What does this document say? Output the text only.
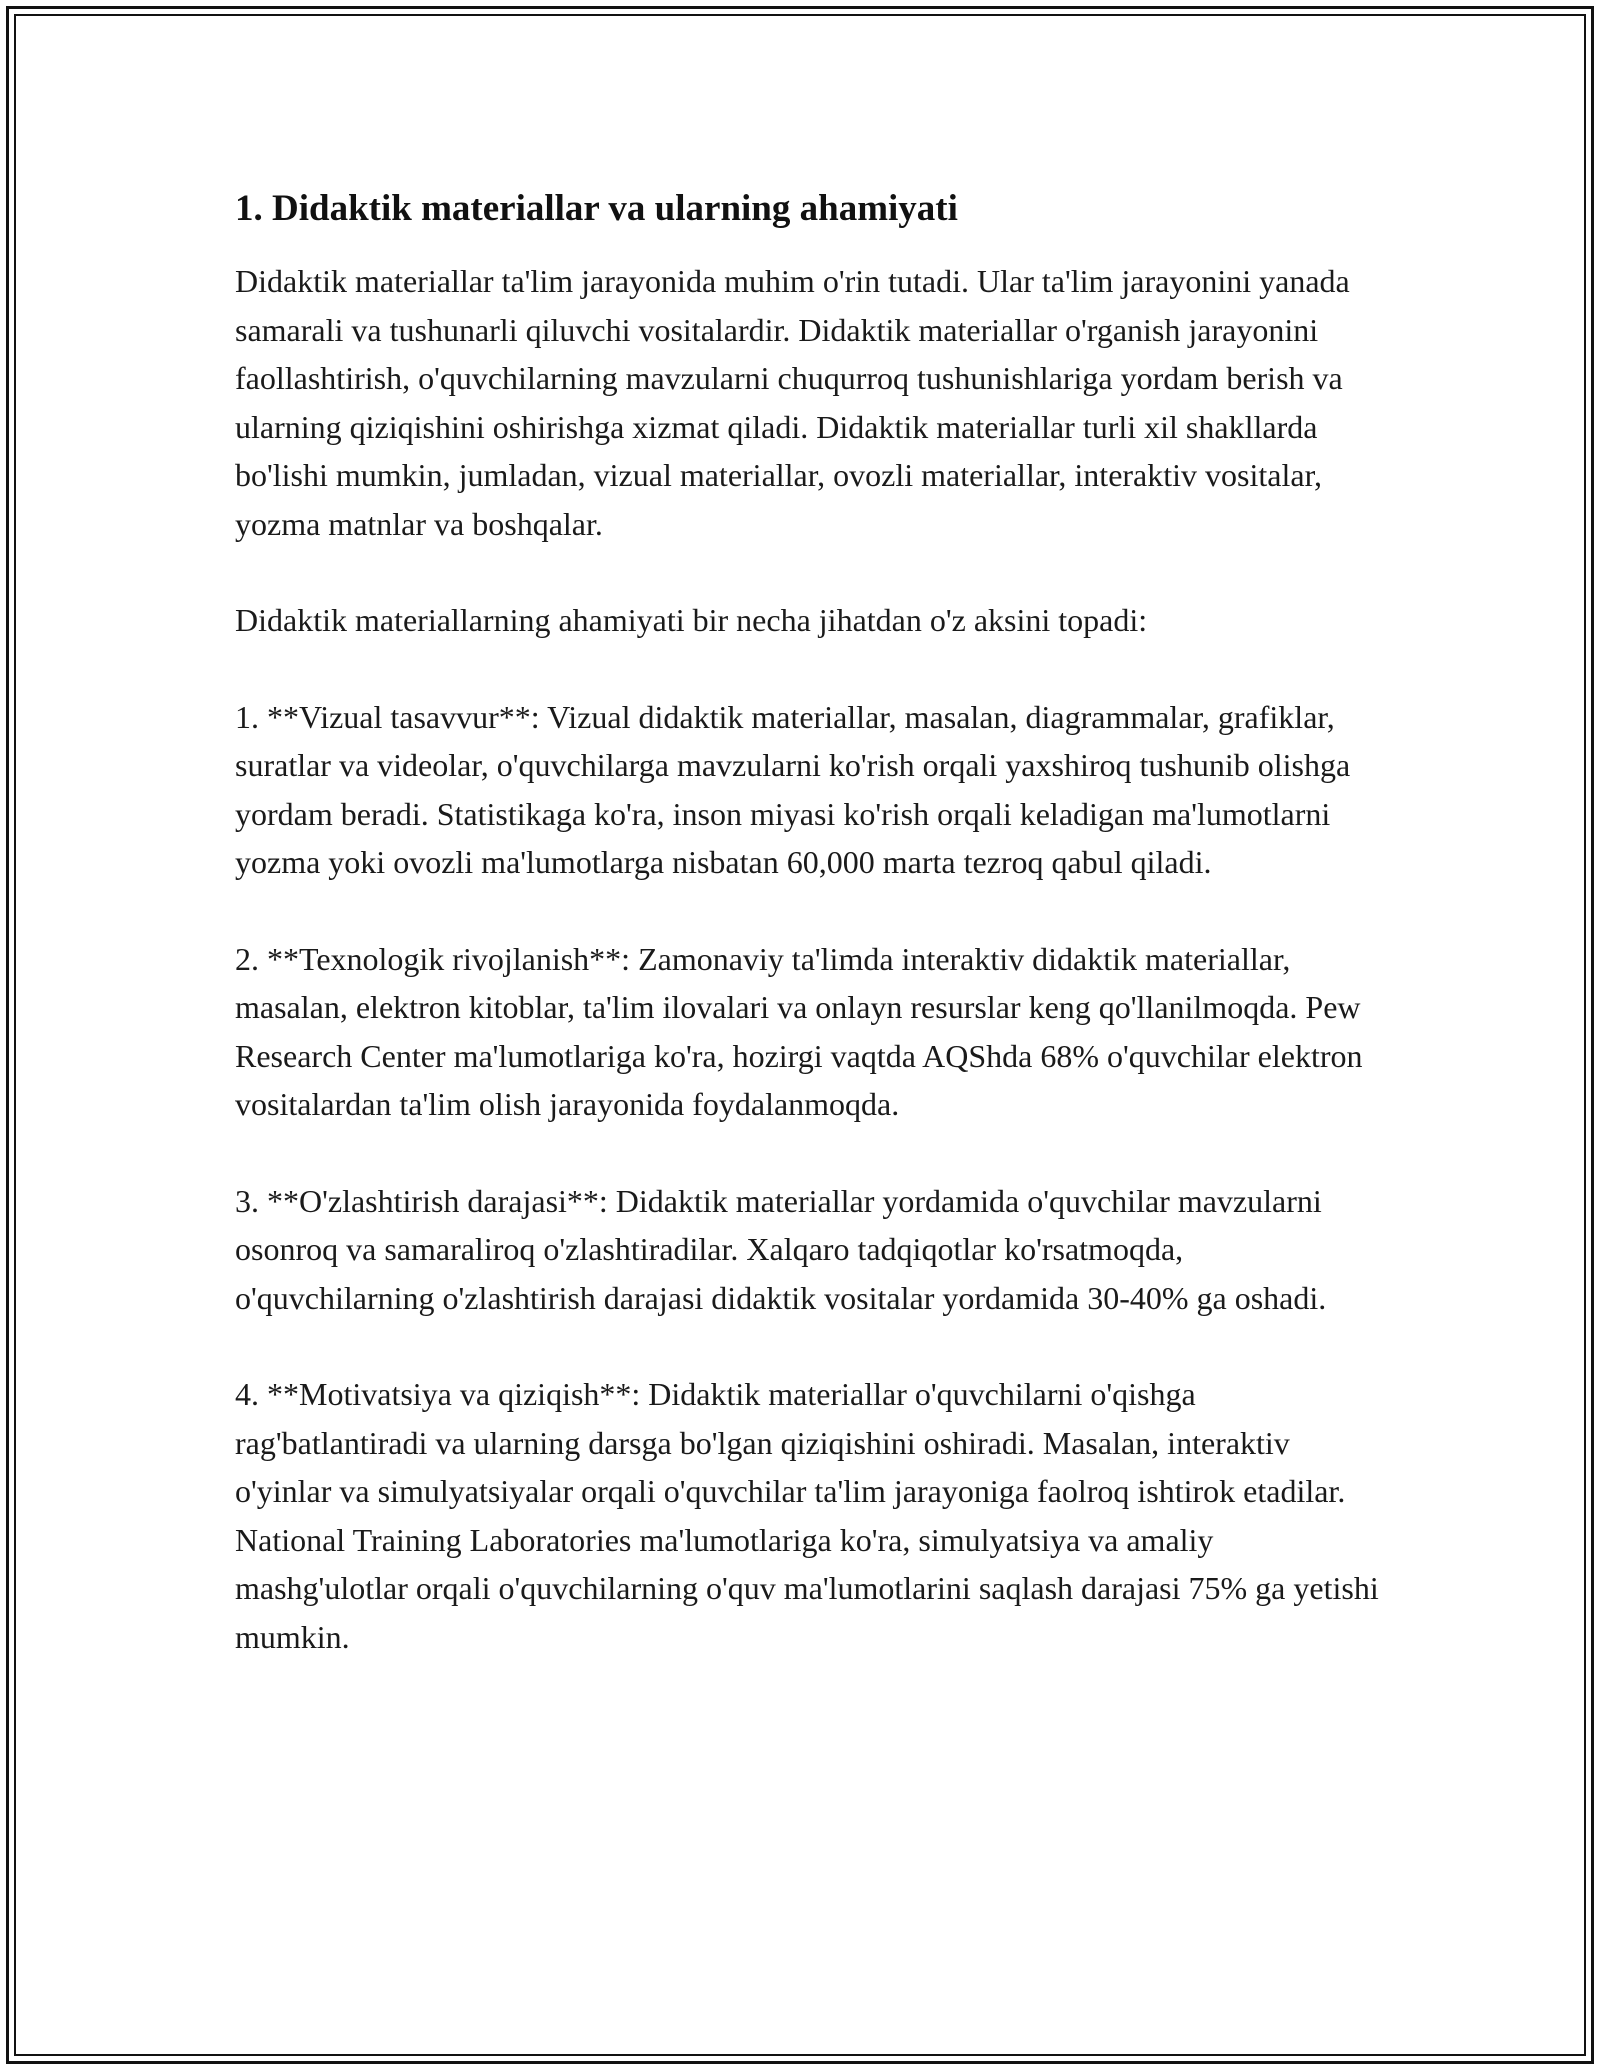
1. Didaktik materiallar va ularning ahamiyati

Didaktik materiallar ta'lim jarayonida muhim o'rin tutadi. Ular ta'lim jarayonini yanada samarali va tushunarli qiluvchi vositalardir. Didaktik materiallar o'rganish jarayonini faollashtirish, o'quvchilarning mavzularni chuqurroq tushunishlariga yordam berish va ularning qiziqishini oshirishga xizmat qiladi. Didaktik materiallar turli xil shakllarda bo'lishi mumkin, jumladan, vizual materiallar, ovozli materiallar, interaktiv vositalar, yozma matnlar va boshqalar.

Didaktik materiallarning ahamiyati bir necha jihatdan o'z aksini topadi:

1. **Vizual tasavvur**: Vizual didaktik materiallar, masalan, diagrammalar, grafiklar, suratlar va videolar, o'quvchilarga mavzularni ko'rish orqali yaxshiroq tushunib olishga yordam beradi. Statistikaga ko'ra, inson miyasi ko'rish orqali keladigan ma'lumotlarni yozma yoki ovozli ma'lumotlarga nisbatan 60,000 marta tezroq qabul qiladi.

2. **Texnologik rivojlanish**: Zamonaviy ta'limda interaktiv didaktik materiallar, masalan, elektron kitoblar, ta'lim ilovalari va onlayn resurslar keng qo'llanilmoqda. Pew Research Center ma'lumotlariga ko'ra, hozirgi vaqtda AQShda 68% o'quvchilar elektron vositalardan ta'lim olish jarayonida foydalanmoqda.

3. **O'zlashtirish darajasi**: Didaktik materiallar yordamida o'quvchilar mavzularni osonroq va samaraliroq o'zlashtiradilar. Xalqaro tadqiqotlar ko'rsatmoqda, o'quvchilarning o'zlashtirish darajasi didaktik vositalar yordamida 30-40% ga oshadi.

4. **Motivatsiya va qiziqish**: Didaktik materiallar o'quvchilarni o'qishga rag'batlantiradi va ularning darsga bo'lgan qiziqishini oshiradi. Masalan, interaktiv o'yinlar va simulyatsiyalar orqali o'quvchilar ta'lim jarayoniga faolroq ishtirok etadilar. National Training Laboratories ma'lumotlariga ko'ra, simulyatsiya va amaliy mashg'ulotlar orqali o'quvchilarning o'quv ma'lumotlarini saqlash darajasi 75% ga yetishi mumkin.
